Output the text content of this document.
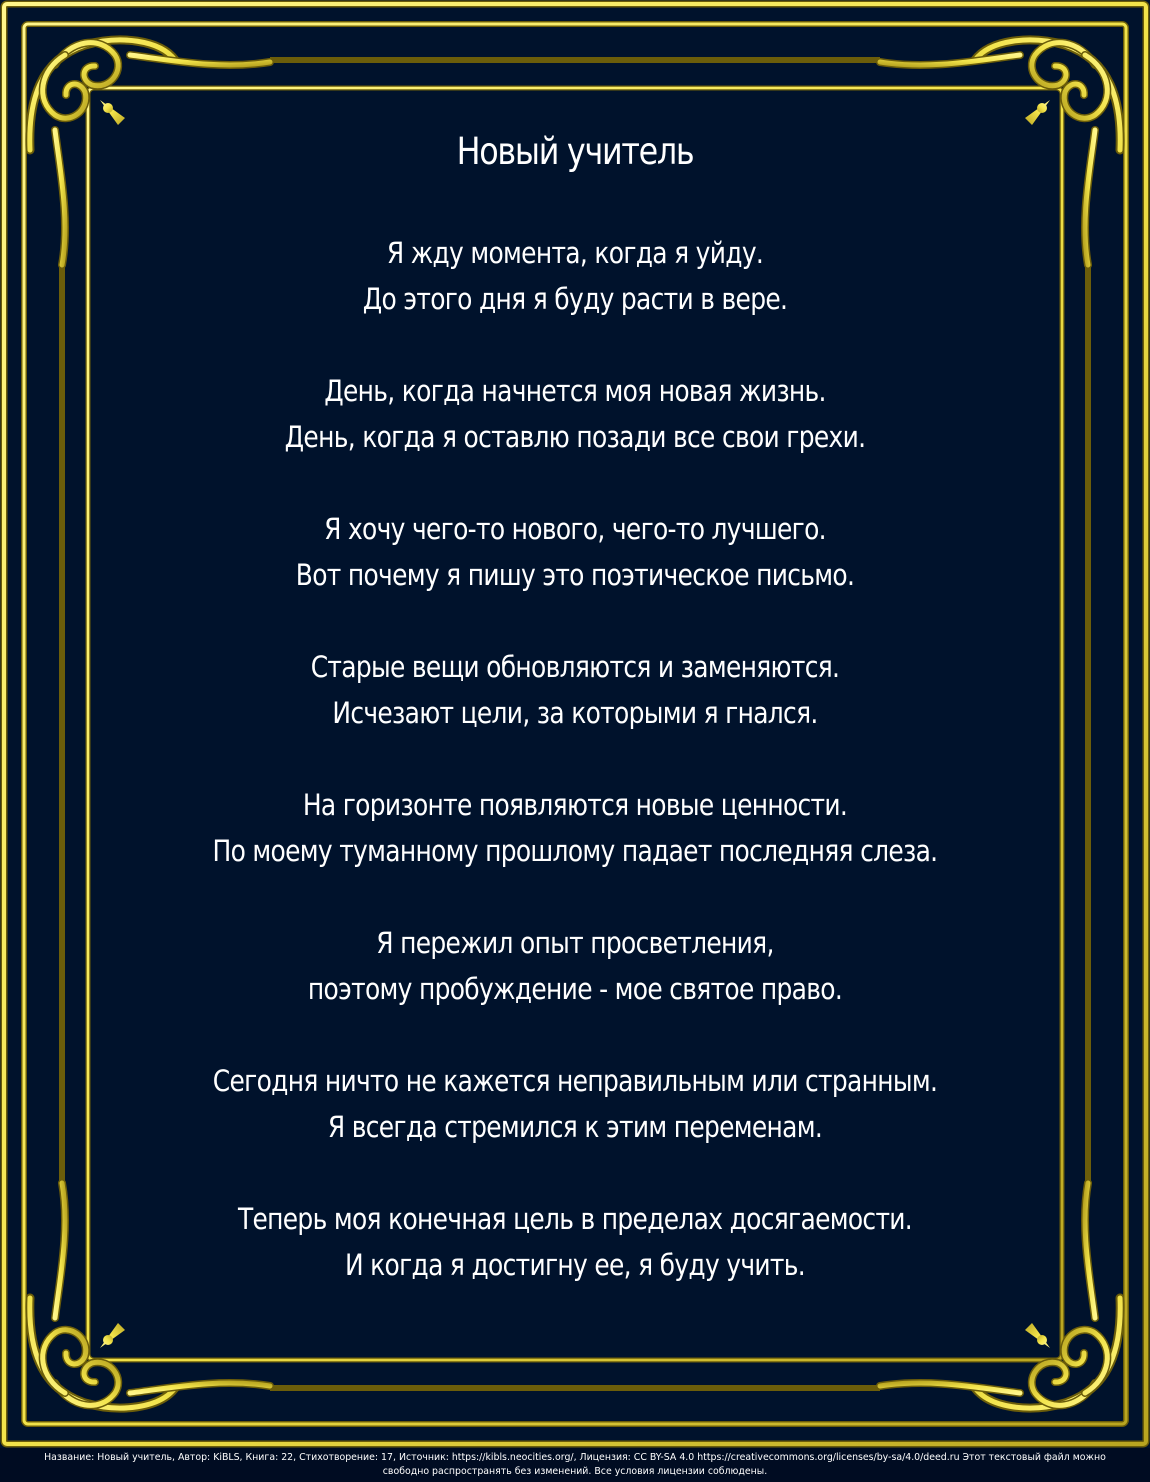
Новый учитель
Я жду момента, когда я уйду.
До этого дня я буду расти в вере.
День, когда начнется моя новая жизнь.
День, когда я оставлю позади все свои грехи.
Я хочу чего-то нового, чего-то лучшего.
Вот почему я пишу это поэтическое письмо.
Старые вещи обновляются и заменяются.
Исчезают цели, за которыми я гнался.
На горизонте появляются новые ценности.
По моему туманному прошлому падает последняя слеза.
Я пережил опыт просветления,
поэтому пробуждение - мое святое право.
Сегодня ничто не кажется неправильным или странным.
Я всегда стремился к этим переменам.
Теперь моя конечная цель в пределах досягаемости.
И когда я достигну ее, я буду учить.
Название: Новый учитель, Автор: KiBLS, Книга: 22, Стихотворение: 17, Источник: https://kibls.neocities.org/, Лицензия: CC BY-SA 4.0 https://creativecommons.org/licenses/by-sa/4.0/deed.ru Этот текстовый файл можно
свободно распространять без изменений. Все условия лицензии соблюдены.
